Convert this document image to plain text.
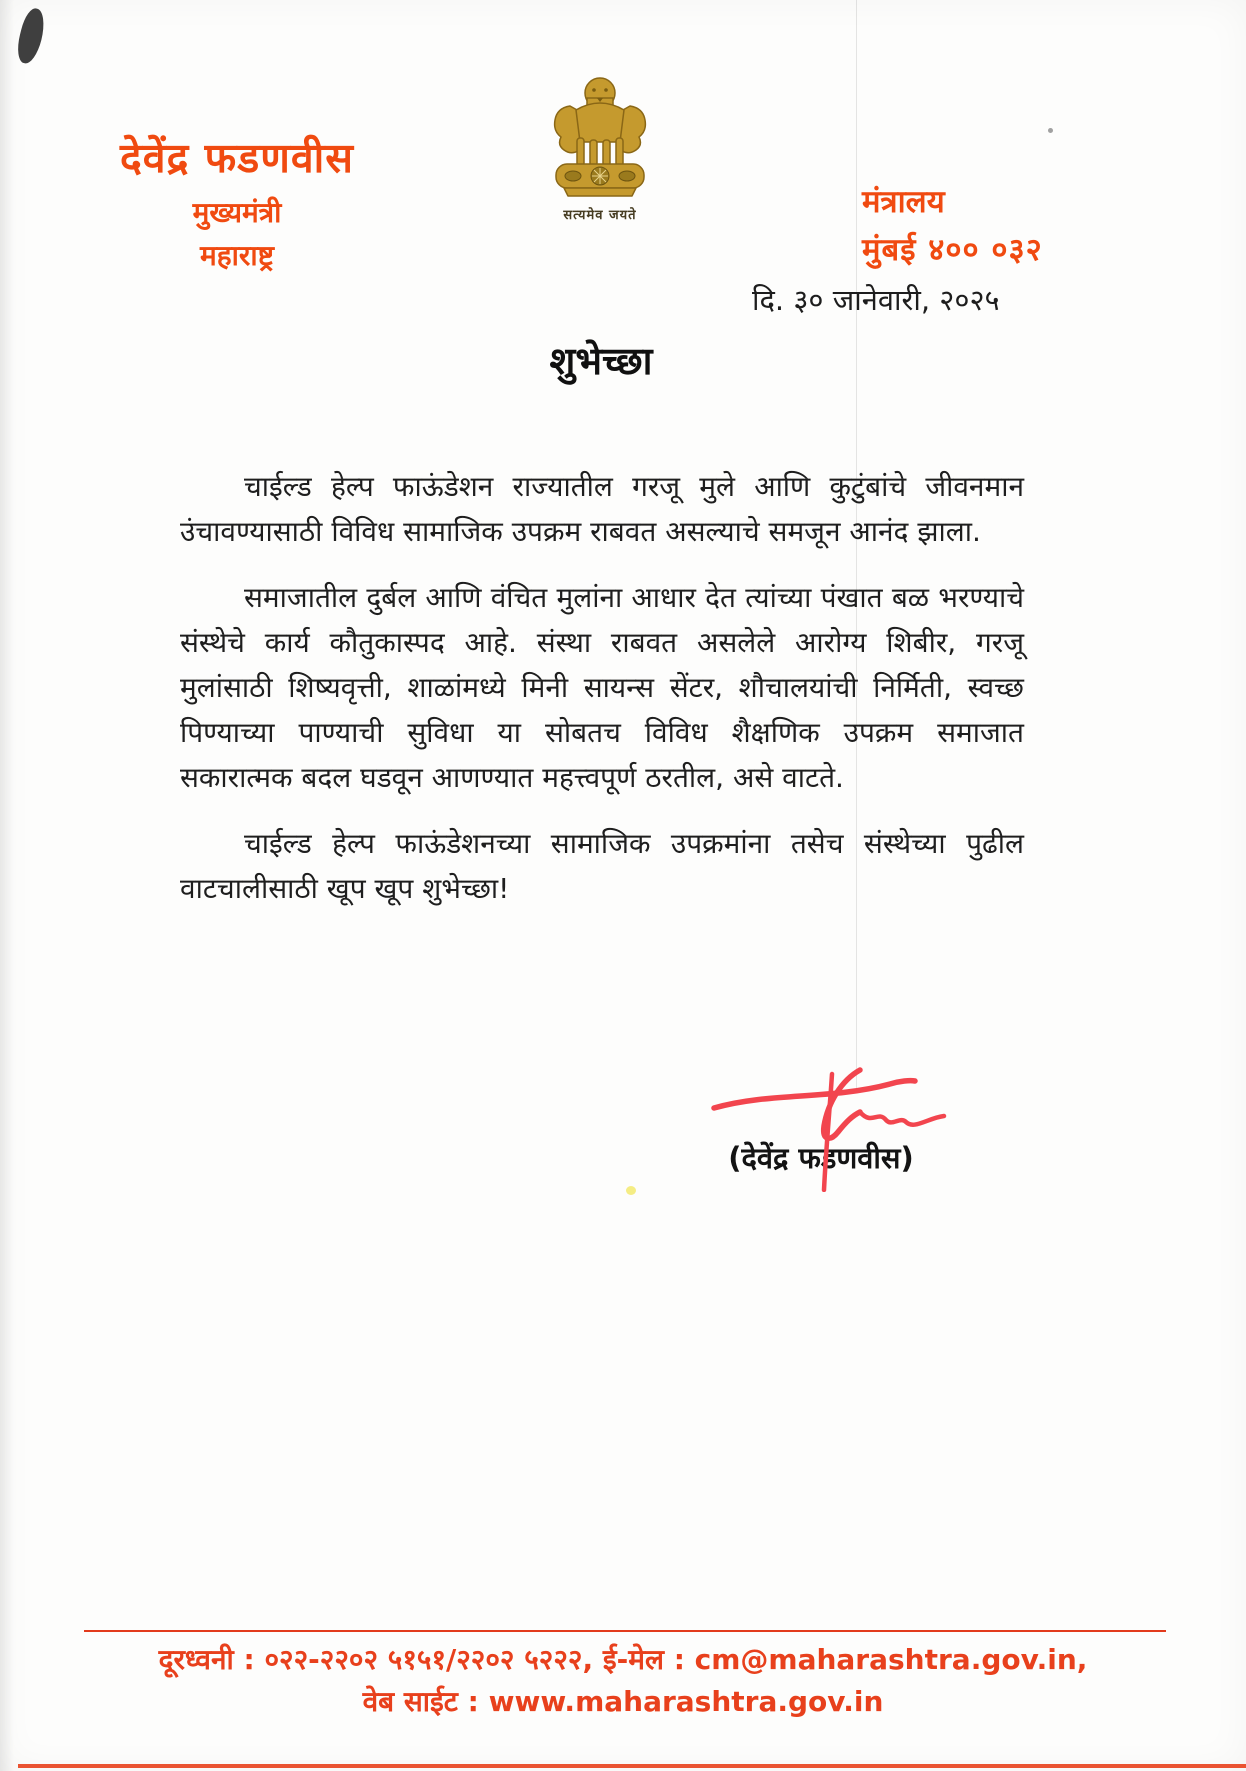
देवेंद्र फडणवीस
मुख्यमंत्री
महाराष्ट्र
सत्यमेव जयते	मंत्रालय
मुंबई ४०० ०३२
दि. ३० जानेवारी, २०२५
शुभेच्छा

चाईल्ड हेल्प फाऊंडेशन राज्यातील गरजू मुले आणि कुटुंबांचे जीवनमान उंचावण्यासाठी विविध सामाजिक उपक्रम राबवत असल्याचे समजून आनंद झाला.

समाजातील दुर्बल आणि वंचित मुलांना आधार देत त्यांच्या पंखात बळ भरण्याचे संस्थेचे कार्य कौतुकास्पद आहे. संस्था राबवत असलेले आरोग्य शिबीर, गरजू मुलांसाठी शिष्यवृत्ती, शाळांमध्ये मिनी सायन्स सेंटर, शौचालयांची निर्मिती, स्वच्छ पिण्याच्या पाण्याची सुविधा या सोबतच विविध शैक्षणिक उपक्रम समाजात सकारात्मक बदल घडवून आणण्यात महत्त्वपूर्ण ठरतील, असे वाटते.

चाईल्ड हेल्प फाऊंडेशनच्या सामाजिक उपक्रमांना तसेच संस्थेच्या पुढील वाटचालीसाठी खूप खूप शुभेच्छा!

(देवेंद्र फडणवीस)
दूरध्वनी : ०२२-२२०२ ५१५१/२२०२ ५२२२, ई-मेल : cm@maharashtra.gov.in,
वेब साईट : www.maharashtra.gov.in
